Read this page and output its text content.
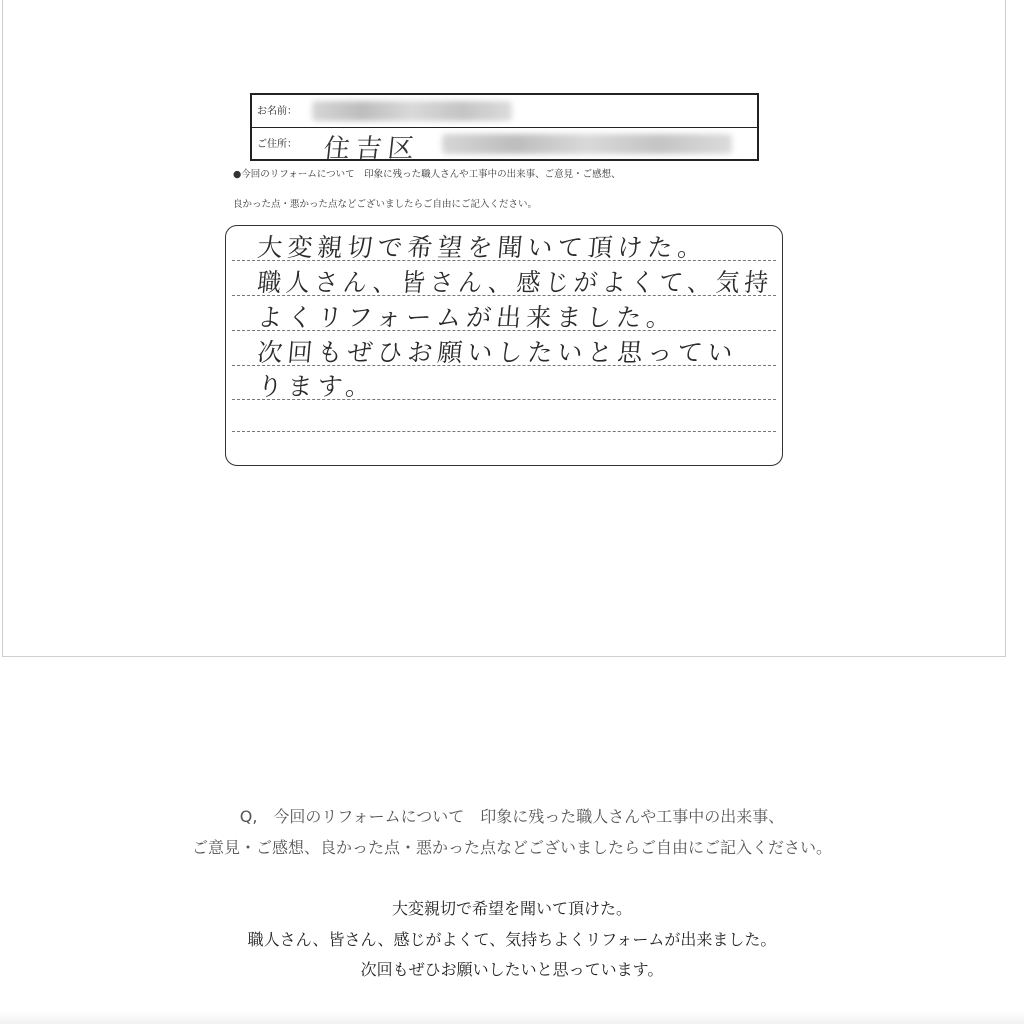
お名前：
ご住所： 住吉区
●今回のリフォームについて　印象に残った職人さんや工事中の出来事、ご意見・ご感想、
良かった点・悪かった点などございましたらご自由にご記入ください。
大変親切で希望を聞いて頂けた。
職人さん、皆さん、感じがよくて、気持
よくリフォームが出来ました。
次回もぜひお願いしたいと思ってい
ります。
Q,　今回のリフォームについて　印象に残った職人さんや工事中の出来事、
ご意見・ご感想、良かった点・悪かった点などございましたらご自由にご記入ください。
大変親切で希望を聞いて頂けた。
職人さん、皆さん、感じがよくて、気持ちよくリフォームが出来ました。
次回もぜひお願いしたいと思っています。
